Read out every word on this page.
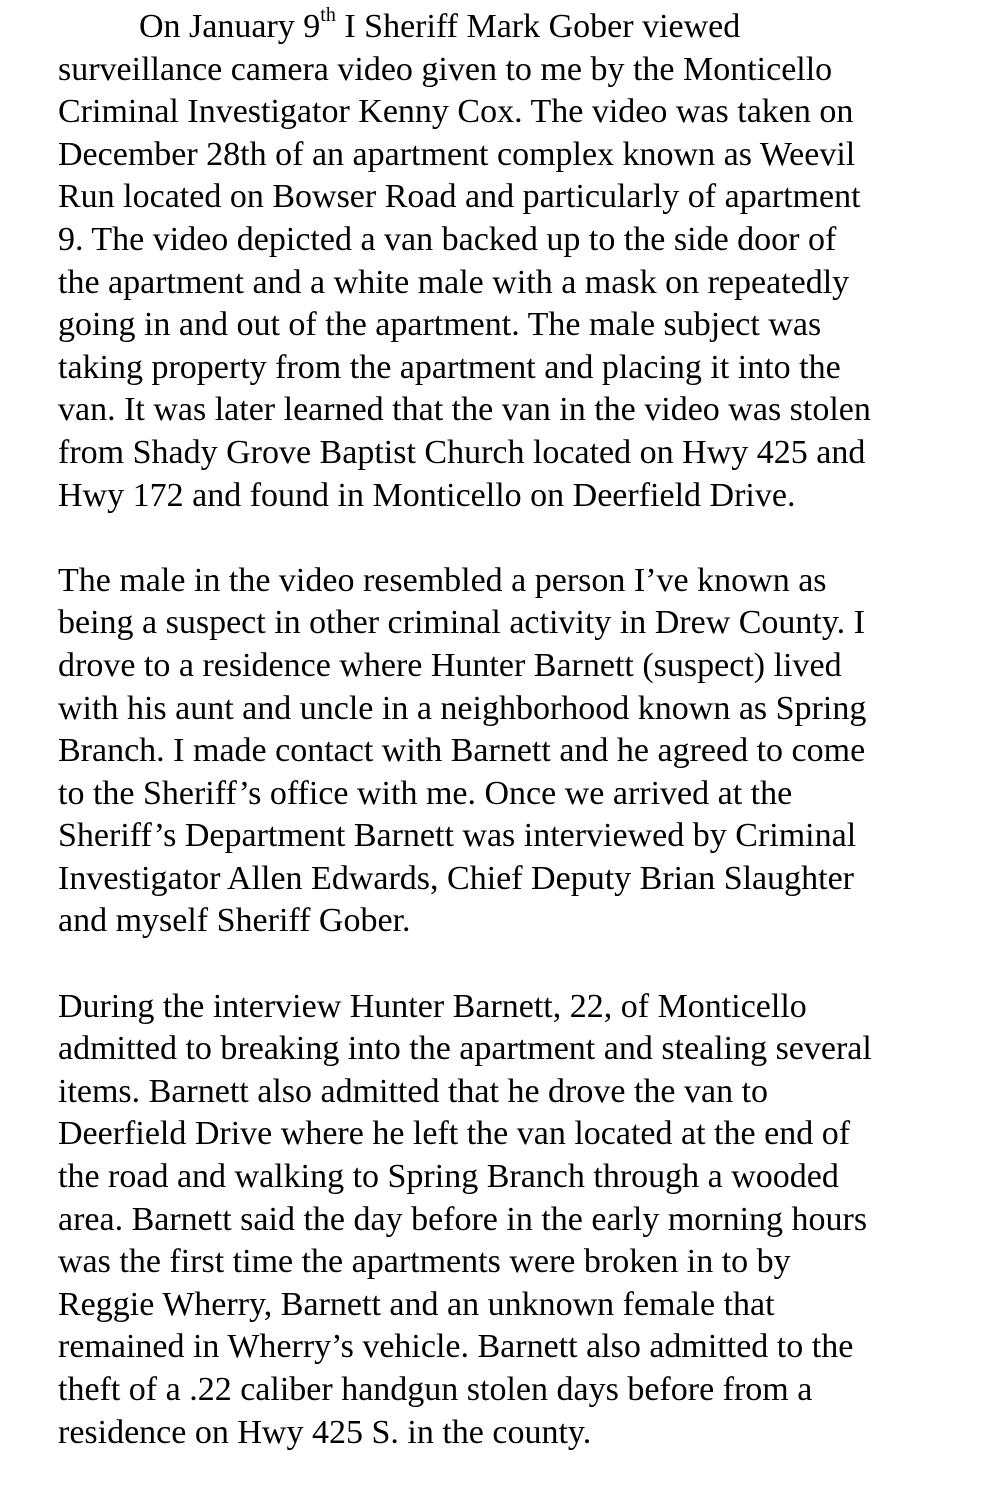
On January 9th I Sheriff Mark Gober viewed
surveillance camera video given to me by the Monticello
Criminal Investigator Kenny Cox. The video was taken on
December 28th of an apartment complex known as Weevil
Run located on Bowser Road and particularly of apartment
9. The video depicted a van backed up to the side door of
the apartment and a white male with a mask on repeatedly
going in and out of the apartment. The male subject was
taking property from the apartment and placing it into the
van. It was later learned that the van in the video was stolen
from Shady Grove Baptist Church located on Hwy 425 and
Hwy 172 and found in Monticello on Deerfield Drive.
The male in the video resembled a person I’ve known as
being a suspect in other criminal activity in Drew County. I
drove to a residence where Hunter Barnett (suspect) lived
with his aunt and uncle in a neighborhood known as Spring
Branch. I made contact with Barnett and he agreed to come
to the Sheriff’s office with me. Once we arrived at the
Sheriff’s Department Barnett was interviewed by Criminal
Investigator Allen Edwards, Chief Deputy Brian Slaughter
and myself Sheriff Gober.
During the interview Hunter Barnett, 22, of Monticello
admitted to breaking into the apartment and stealing several
items. Barnett also admitted that he drove the van to
Deerfield Drive where he left the van located at the end of
the road and walking to Spring Branch through a wooded
area. Barnett said the day before in the early morning hours
was the first time the apartments were broken in to by
Reggie Wherry, Barnett and an unknown female that
remained in Wherry’s vehicle. Barnett also admitted to the
theft of a .22 caliber handgun stolen days before from a
residence on Hwy 425 S. in the county.
